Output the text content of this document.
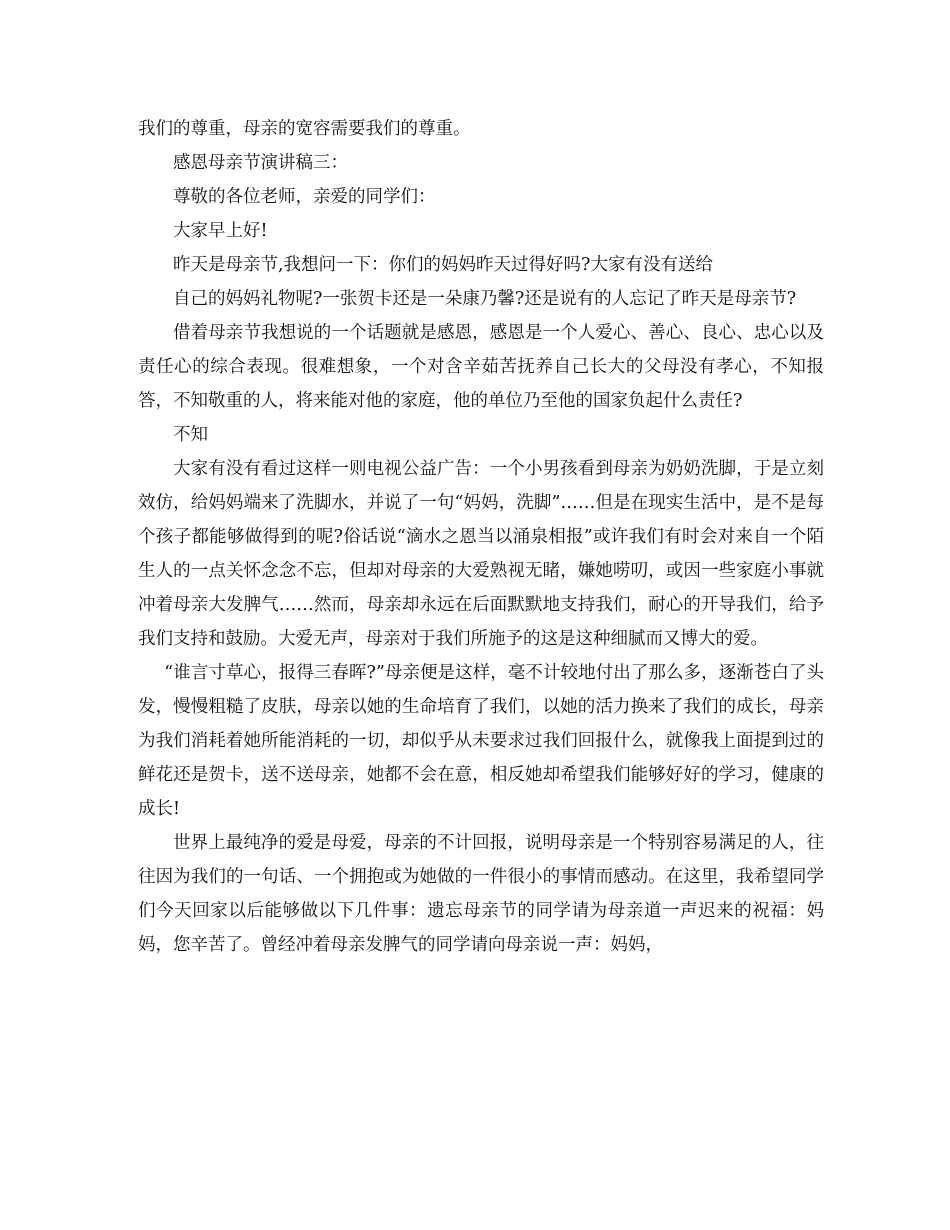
我们的尊重，母亲的宽容需要我们的尊重。

感恩母亲节演讲稿三：

尊敬的各位老师，亲爱的同学们：

大家早上好!

昨天是母亲节,我想问一下：你们的妈妈昨天过得好吗?大家有没有送给

自己的妈妈礼物呢?一张贺卡还是一朵康乃馨?还是说有的人忘记了昨天是母亲节?

借着母亲节我想说的一个话题就是感恩，感恩是一个人爱心、善心、良心、忠心以及责任心的综合表现。很难想象，一个对含辛茹苦抚养自己长大的父母没有孝心，不知报答，不知敬重的人，将来能对他的家庭，他的单位乃至他的国家负起什么责任?

不知

大家有没有看过这样一则电视公益广告：一个小男孩看到母亲为奶奶洗脚，于是立刻效仿，给妈妈端来了洗脚水，并说了一句“妈妈，洗脚”……但是在现实生活中，是不是每个孩子都能够做得到的呢?俗话说“滴水之恩当以涌泉相报”或许我们有时会对来自一个陌生人的一点关怀念念不忘，但却对母亲的大爱熟视无睹，嫌她唠叨，或因一些家庭小事就冲着母亲大发脾气……然而，母亲却永远在后面默默地支持我们，耐心的开导我们，给予我们支持和鼓励。大爱无声，母亲对于我们所施予的这是这种细腻而又博大的爱。

“谁言寸草心，报得三春晖?”母亲便是这样，毫不计较地付出了那么多，逐渐苍白了头发，慢慢粗糙了皮肤，母亲以她的生命培育了我们，以她的活力换来了我们的成长，母亲为我们消耗着她所能消耗的一切，却似乎从未要求过我们回报什么，就像我上面提到过的鲜花还是贺卡，送不送母亲，她都不会在意，相反她却希望我们能够好好的学习，健康的成长!

世界上最纯净的爱是母爱，母亲的不计回报，说明母亲是一个特别容易满足的人，往往因为我们的一句话、一个拥抱或为她做的一件很小的事情而感动。在这里，我希望同学们今天回家以后能够做以下几件事：遗忘母亲节的同学请为母亲道一声迟来的祝福：妈妈，您辛苦了。曾经冲着母亲发脾气的同学请向母亲说一声：妈妈，
